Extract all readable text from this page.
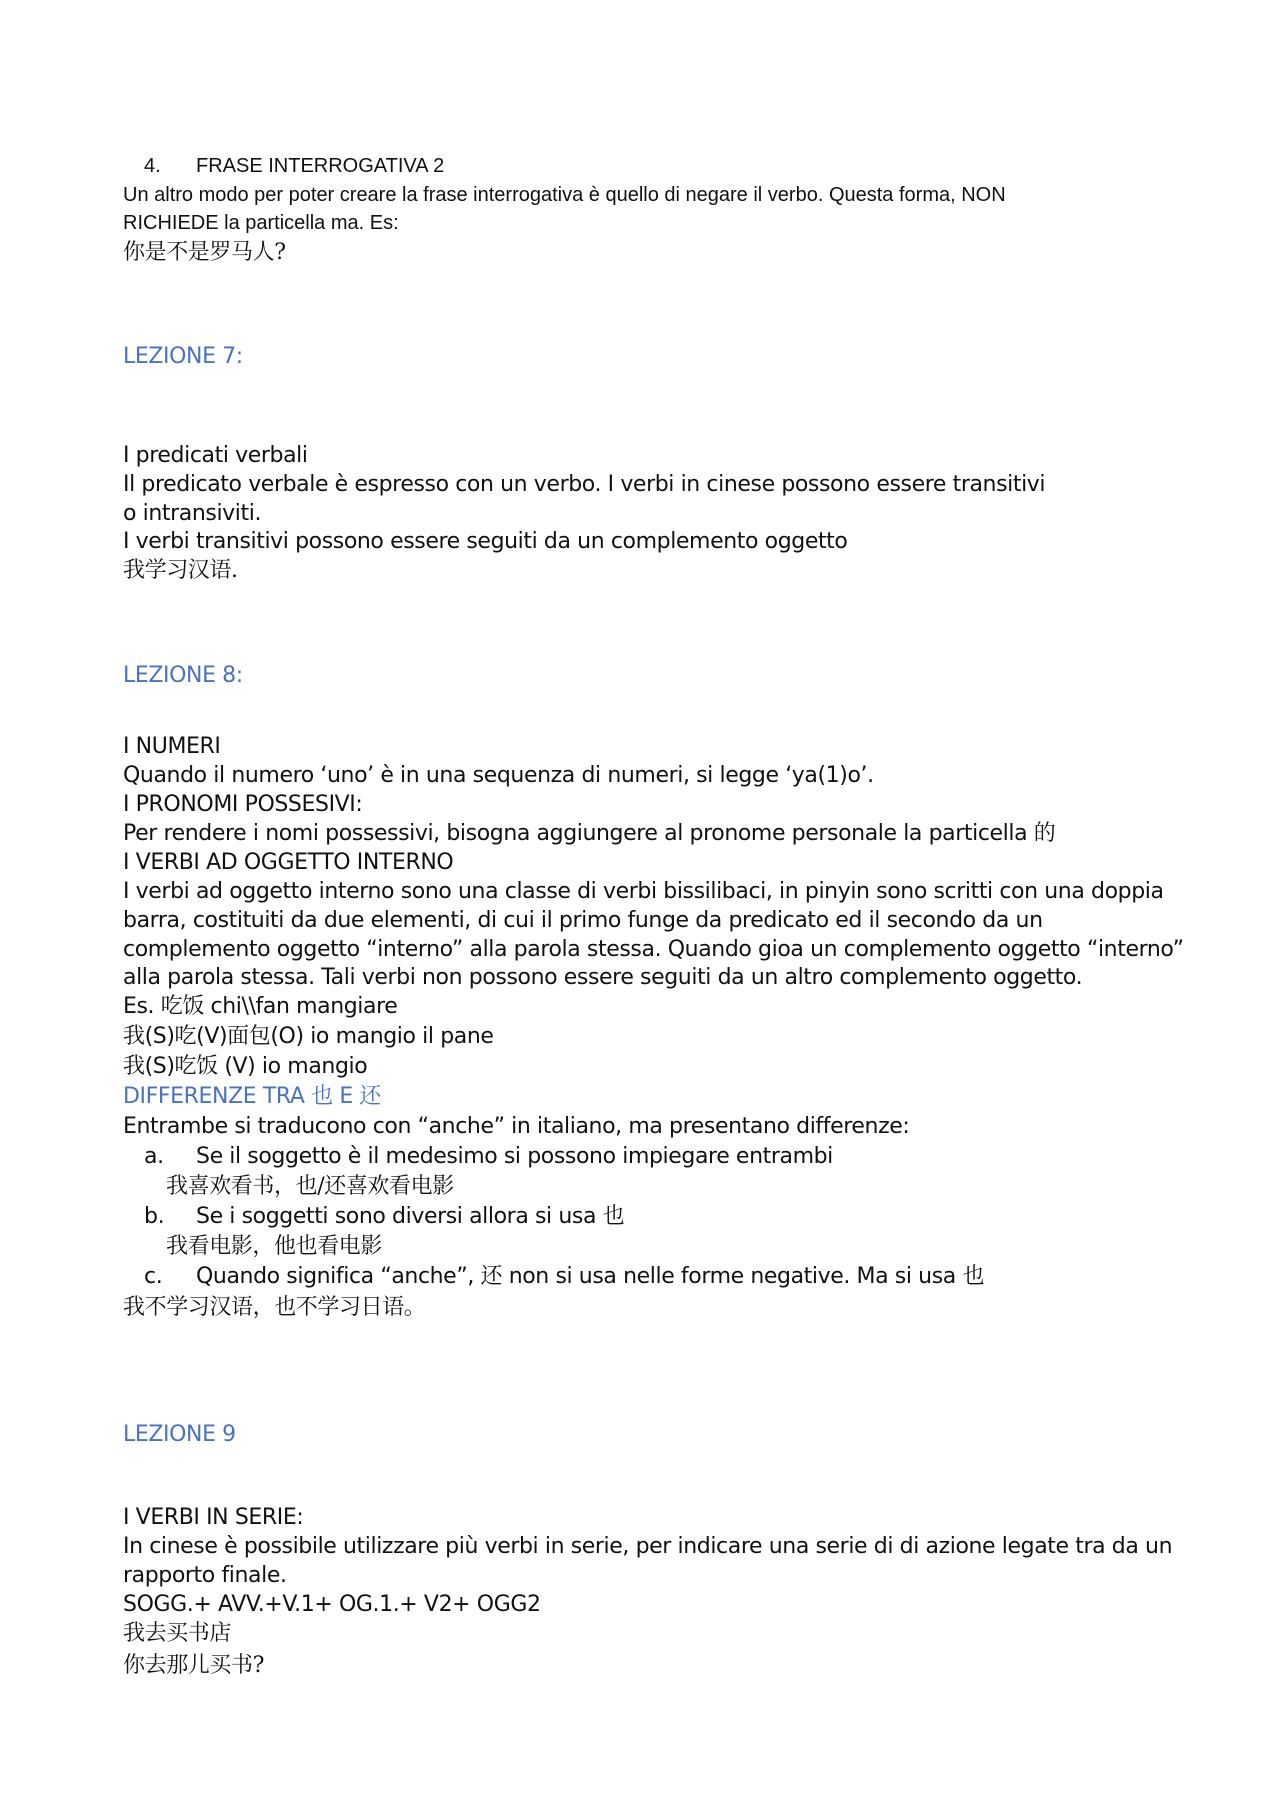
4. FRASE INTERROGATIVA 2
Un altro modo per poter creare la frase interrogativa è quello di negare il verbo. Questa forma, NON
RICHIEDE la particella ma. Es:
你是不是罗马人?
LEZIONE 7:
I predicati verbali
Il predicato verbale è espresso con un verbo. I verbi in cinese possono essere transitivi
o intransiviti.
I verbi transitivi possono essere seguiti da un complemento oggetto
我学习汉语.
LEZIONE 8:
I NUMERI
Quando il numero ‘uno’ è in una sequenza di numeri, si legge ‘ya(1)o’.
I PRONOMI POSSESIVI:
Per rendere i nomi possessivi, bisogna aggiungere al pronome personale la particella 的
I VERBI AD OGGETTO INTERNO
I verbi ad oggetto interno sono una classe di verbi bissilibaci, in pinyin sono scritti con una doppia
barra, costituiti da due elementi, di cui il primo funge da predicato ed il secondo da un
complemento oggetto “interno” alla parola stessa. Quando gioa un complemento oggetto “interno”
alla parola stessa. Tali verbi non possono essere seguiti da un altro complemento oggetto.
Es. 吃饭 chi\\fan mangiare
我(S)吃(V)面包(O) io mangio il pane
我(S)吃饭 (V) io mangio
DIFFERENZE TRA 也 E 还
Entrambe si traducono con “anche” in italiano, ma presentano differenze:
a. Se il soggetto è il medesimo si possono impiegare entrambi
我喜欢看书，也/还喜欢看电影
b. Se i soggetti sono diversi allora si usa 也
我看电影，他也看电影
c. Quando significa “anche”, 还 non si usa nelle forme negative. Ma si usa 也
我不学习汉语，也不学习日语。
LEZIONE 9
I VERBI IN SERIE:
In cinese è possibile utilizzare più verbi in serie, per indicare una serie di di azione legate tra da un
rapporto finale.
SOGG.+ AVV.+V.1+ OG.1.+ V2+ OGG2
我去买书店
你去那儿买书?
